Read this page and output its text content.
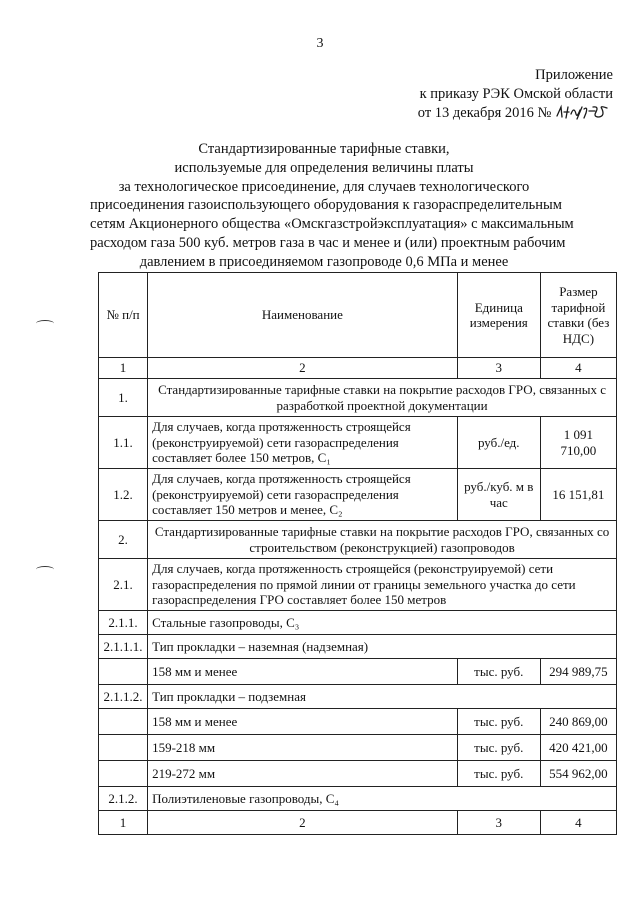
3
Приложение
к приказу РЭК Омской области
от 13 декабря 2016 №
Стандартизированные тарифные ставки,
используемые для определения величины платы
за технологическое присоединение, для случаев технологического
присоединения газоиспользующего оборудования к газораспределительным
сетям Акционерного общества «Омскгазстройэксплуатация» с максимальным
расходом газа 500 куб. метров газа в час и менее и (или) проектным рабочим
давлением в присоединяемом газопроводе 0,6 МПа и менее
№ п/п	Наименование	Единица измерения	Размер тарифной ставки (без НДС)
1	2	3	4
1.	Стандартизированные тарифные ставки на покрытие расходов ГРО, связанных с разработкой проектной документации		
1.1.	Для случаев, когда протяженность строящейся (реконструируемой) сети газораспределения составляет более 150 метров, C₁	руб./ед.	1 091 710,00
1.2.	Для случаев, когда протяженность строящейся (реконструируемой) сети газораспределения составляет 150 метров и менее, C₂	руб./куб. м в час	16 151,81
2.	Стандартизированные тарифные ставки на покрытие расходов ГРО, связанных со строительством (реконструкцией) газопроводов		
2.1.	Для случаев, когда протяженность строящейся (реконструируемой) сети газораспределения по прямой линии от границы земельного участка до сети газораспределения ГРО составляет более 150 метров		
2.1.1.	Стальные газопроводы, C₃		
2.1.1.1.	Тип прокладки – наземная (надземная)		
	158 мм и менее	тыс. руб.	294 989,75
2.1.1.2.	Тип прокладки – подземная		
	158 мм и менее	тыс. руб.	240 869,00
	159-218 мм	тыс. руб.	420 421,00
	219-272 мм	тыс. руб.	554 962,00
2.1.2.	Полиэтиленовые газопроводы, C₄		
1	2	3	4
